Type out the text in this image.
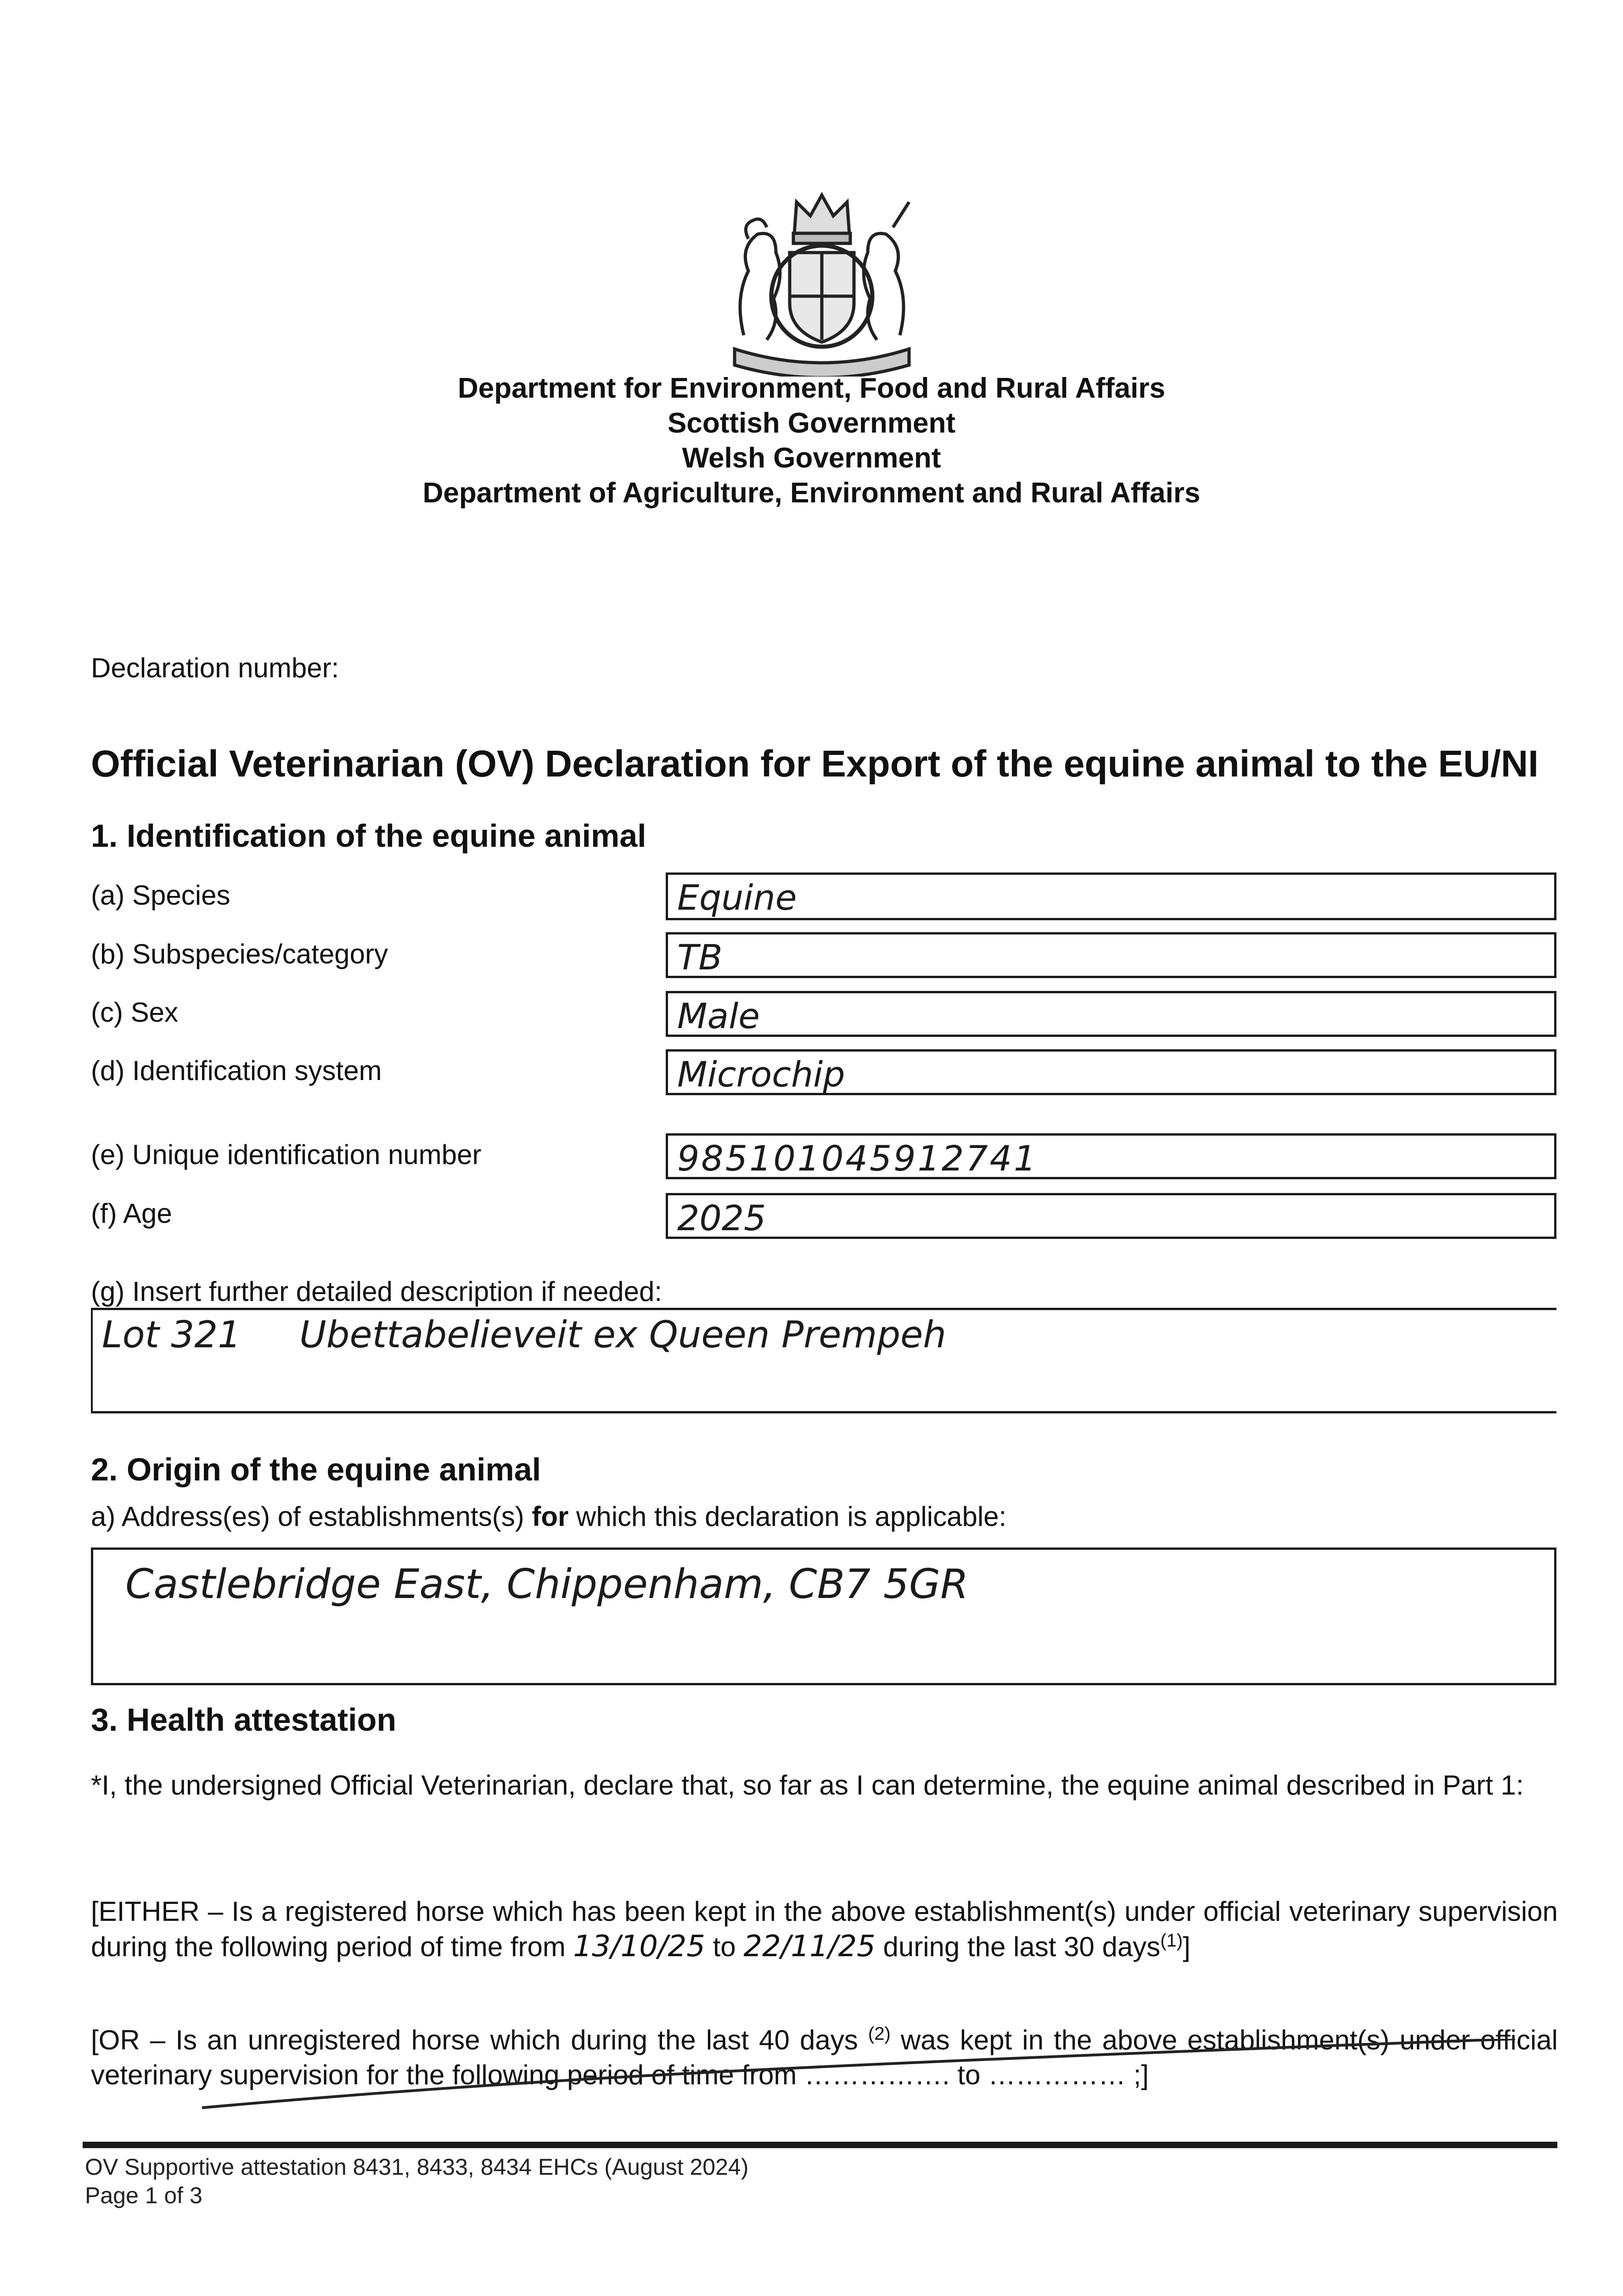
Department for Environment, Food and Rural Affairs
Scottish Government
Welsh Government
Department of Agriculture, Environment and Rural Affairs
Declaration number:
Official Veterinarian (OV) Declaration for Export of the equine animal to the EU/NI
1. Identification of the equine animal
(a) Species	Equine
(b) Subspecies/category	TB
(c) Sex	Male
(d) Identification system	Microchip
(e) Unique identification number	985101045912741
(f) Age	2025
(g) Insert further detailed description if needed:
Lot 321     Ubettabelieveit ex Queen Prempeh
2. Origin of the equine animal
a) Address(es) of establishments(s) for which this declaration is applicable:
Castlebridge East, Chippenham, CB7 5GR
3. Health attestation
*I, the undersigned Official Veterinarian, declare that, so far as I can determine, the equine animal described in Part 1:
[EITHER – Is a registered horse which has been kept in the above establishment(s) under official veterinary supervision during the following period of time from 13/10/25 to 22/11/25 during the last 30 days$^{(1)}$]
[OR – Is an unregistered horse which during the last 40 days $^{(2)}$ was kept in the above establishment(s) under official veterinary supervision for the following period of time from ……………. to …………… ;]
OV Supportive attestation 8431, 8433, 8434 EHCs (August 2024)
Page 1 of 3
